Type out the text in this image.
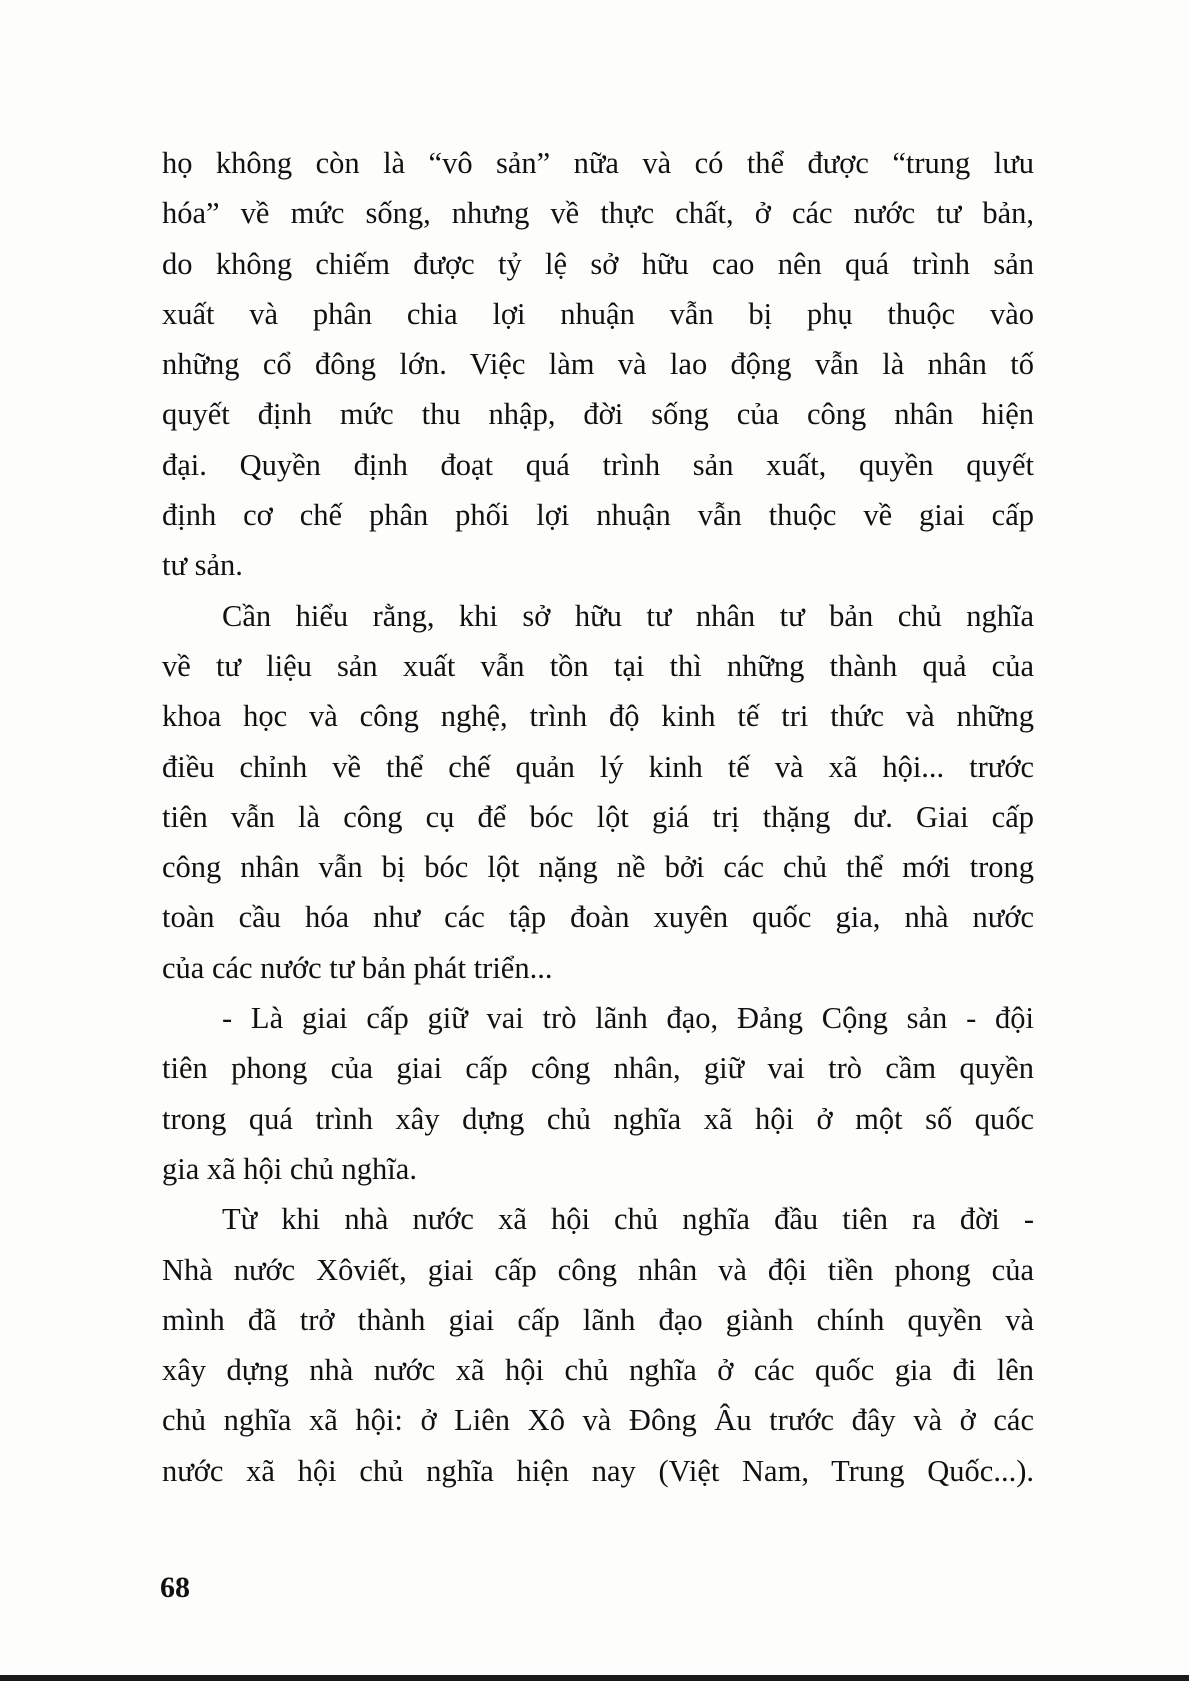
họ không còn là “vô sản” nữa và có thể được “trung lưu
hóa” về mức sống, nhưng về thực chất, ở các nước tư bản,
do không chiếm được tỷ lệ sở hữu cao nên quá trình sản
xuất và phân chia lợi nhuận vẫn bị phụ thuộc vào
những cổ đông lớn. Việc làm và lao động vẫn là nhân tố
quyết định mức thu nhập, đời sống của công nhân hiện
đại. Quyền định đoạt quá trình sản xuất, quyền quyết
định cơ chế phân phối lợi nhuận vẫn thuộc về giai cấp
tư sản.
Cần hiểu rằng, khi sở hữu tư nhân tư bản chủ nghĩa
về tư liệu sản xuất vẫn tồn tại thì những thành quả của
khoa học và công nghệ, trình độ kinh tế tri thức và những
điều chỉnh về thể chế quản lý kinh tế và xã hội... trước
tiên vẫn là công cụ để bóc lột giá trị thặng dư. Giai cấp
công nhân vẫn bị bóc lột nặng nề bởi các chủ thể mới trong
toàn cầu hóa như các tập đoàn xuyên quốc gia, nhà nước
của các nước tư bản phát triển...
- Là giai cấp giữ vai trò lãnh đạo, Đảng Cộng sản - đội
tiên phong của giai cấp công nhân, giữ vai trò cầm quyền
trong quá trình xây dựng chủ nghĩa xã hội ở một số quốc
gia xã hội chủ nghĩa.
Từ khi nhà nước xã hội chủ nghĩa đầu tiên ra đời -
Nhà nước Xôviết, giai cấp công nhân và đội tiền phong của
mình đã trở thành giai cấp lãnh đạo giành chính quyền và
xây dựng nhà nước xã hội chủ nghĩa ở các quốc gia đi lên
chủ nghĩa xã hội: ở Liên Xô và Đông Âu trước đây và ở các
nước xã hội chủ nghĩa hiện nay (Việt Nam, Trung Quốc...).
68
